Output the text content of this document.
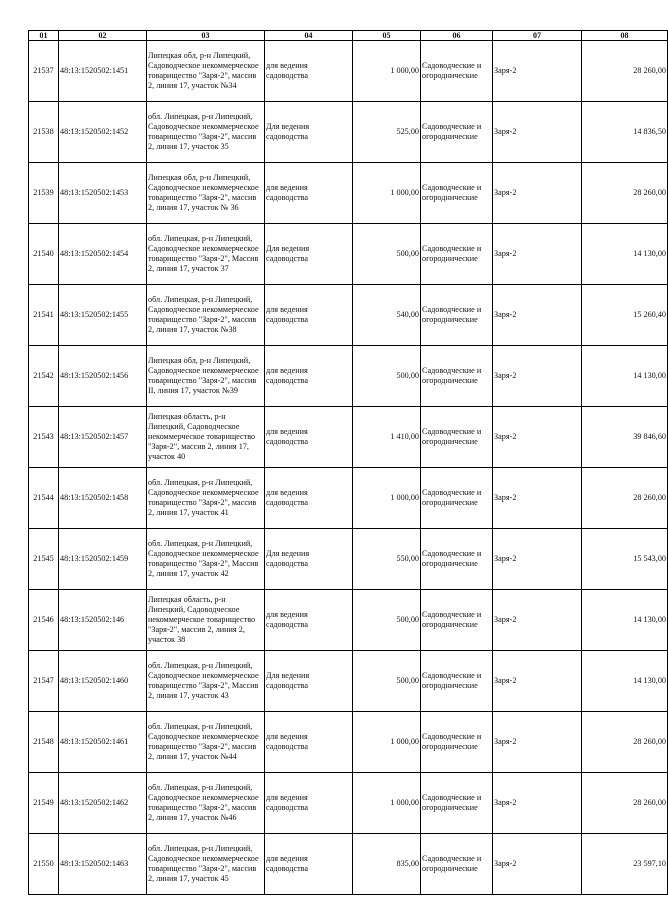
01	02	03	04	05	06	07	08
21537	48:13:1520502:1451	Липецкая обл, р-н Липецкий, Садоводческое некоммерческое товарищество "Заря-2", массив 2, линия 17, участок №34	для ведения садоводства	1 000,00	Садоводческие и огороднические	Заря-2	28 260,00
21538	48:13:1520502:1452	обл. Липецкая, р-н Липецкий, Садоводческое некоммерческое товарищество "Заря-2", массив 2, линия 17, участок 35	Для ведения садоводства	525,00	Садоводческие и огороднические	Заря-2	14 836,50
21539	48:13:1520502:1453	Липецкая обл, р-н Липецкий, Садоводческое некоммерческое товарищество "Заря-2", массив 2, линия 17, участок № 36	для ведения садоводства	1 000,00	Садоводческие и огороднические	Заря-2	28 260,00
21540	48:13:1520502:1454	обл. Липецкая, р-н Липецкий, Садоводческое некоммерческое товарищество "Заря-2", Массив 2, линия 17, участок 37	Для ведения садоводства	500,00	Садоводческие и огороднические	Заря-2	14 130,00
21541	48:13:1520502:1455	обл. Липецкая, р-н Липецкий, Садоводческое некоммерческое товарищество "Заря-2", массив 2, линия 17, участок №38	для ведения садоводства	540,00	Садоводческие и огороднические	Заря-2	15 260,40
21542	48:13:1520502:1456	Липецкая обл, р-н Липецкий, Садоводческое некоммерческое товарищество "Заря-2", массив II, линия 17, участок №39	для ведения садоводства	500,00	Садоводческие и огороднические	Заря-2	14 130,00
21543	48:13:1520502:1457	Липецкая область, р-н Липецкий, Садоводческое некоммерческое товарищество "Заря-2", массив 2, линия 17, участок 40	для ведения садоводства	1 410,00	Садоводческие и огороднические	Заря-2	39 846,60
21544	48:13:1520502:1458	обл. Липецкая, р-н Липецкий, Садоводческое некоммерческое товарищество "Заря-2", массив 2, линия 17, участок 41	для ведения садоводства	1 000,00	Садоводческие и огороднические	Заря-2	28 260,00
21545	48:13:1520502:1459	обл. Липецкая, р-н Липецкий, Садоводческое некоммерческое товарищество "Заря-2", Массив 2, линия 17, участок 42	Для ведения садоводства	550,00	Садоводческие и огороднические	Заря-2	15 543,00
21546	48:13:1520502:146	Липецкая область, р-н Липецкий, Садоводческое некоммерческое товарищество "Заря-2", массив 2, линия 2, участок 38	для ведения садоводства	500,00	Садоводческие и огороднические	Заря-2	14 130,00
21547	48:13:1520502:1460	обл. Липецкая, р-н Липецкий, Садоводческое некоммерческое товарищество "Заря-2", Массив 2, линия 17, участок 43	Для ведения садоводства	500,00	Садоводческие и огороднические	Заря-2	14 130,00
21548	48:13:1520502:1461	обл. Липецкая, р-н Липецкий, Садоводческое некоммерческое товарищество "Заря-2", массив 2, линия 17, участок №44	для ведения садоводства	1 000,00	Садоводческие и огороднические	Заря-2	28 260,00
21549	48:13:1520502:1462	обл. Липецкая, р-н Липецкий, Садоводческое некоммерческое товарищество "Заря-2", массив 2, линия 17, участок №46	для ведения садоводства	1 000,00	Садоводческие и огороднические	Заря-2	28 260,00
21550	48:13:1520502:1463	обл. Липецкая, р-н Липецкий, Садоводческое некоммерческое товарищество "Заря-2", массив 2, линия 17, участок 45	для ведения садоводства	835,00	Садоводческие и огороднические	Заря-2	23 597,10
